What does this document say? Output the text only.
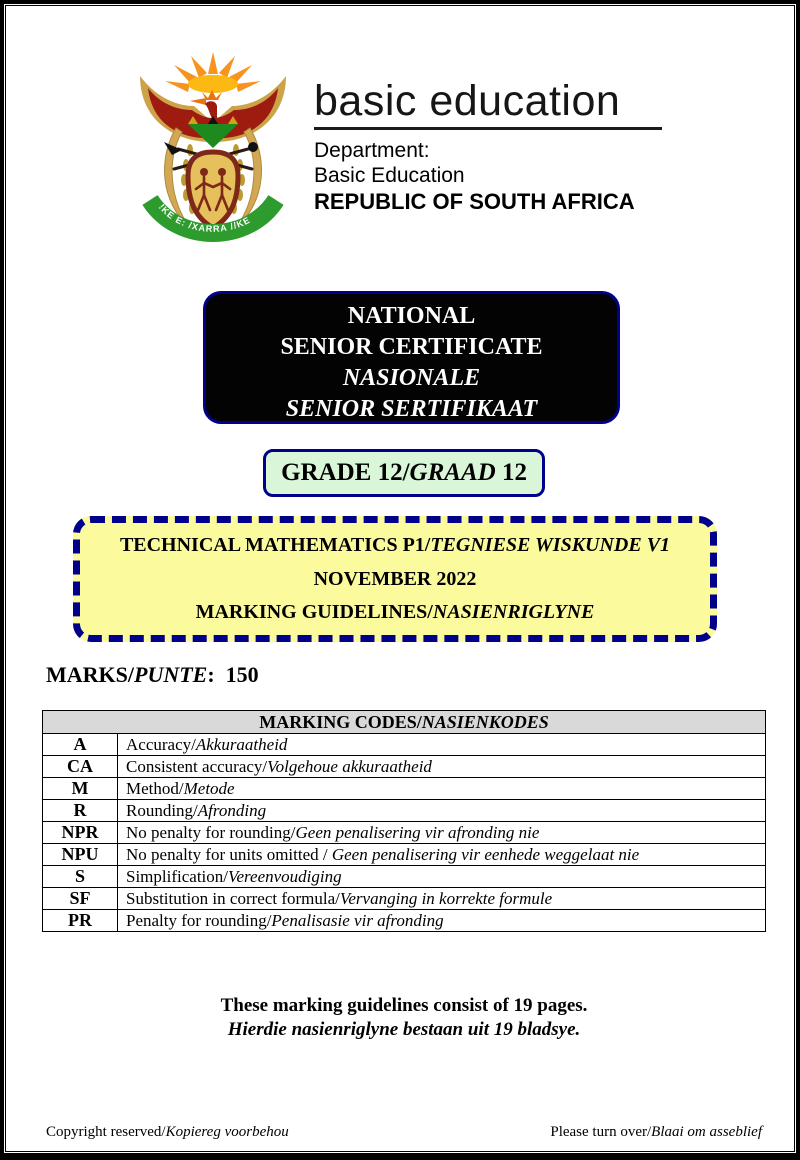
!KE E: /XARRA //KE
basic education
Department:
Basic Education
REPUBLIC OF SOUTH AFRICA
NATIONAL
SENIOR CERTIFICATE
NASIONALE
SENIOR SERTIFIKAAT
GRADE 12/ GRAAD 12
TECHNICAL MATHEMATICS P1/TEGNIESE WISKUNDE V1
NOVEMBER 2022
MARKING GUIDELINES/NASIENRIGLYNE
MARKS/PUNTE:  150
MARKING CODES/NASIENKODES	
A	Accuracy/Akkuraatheid
CA	Consistent accuracy/Volgehoue akkuraatheid
M	Method/Metode
R	Rounding/Afronding
NPR	No penalty for rounding/Geen penalisering vir afronding nie
NPU	No penalty for units omitted / Geen penalisering vir eenhede weggelaat nie
S	Simplification/Vereenvoudiging
SF	Substitution in correct formula/Vervanging in korrekte formule
PR	Penalty for rounding/Penalisasie vir afronding
These marking guidelines consist of 19 pages.
Hierdie nasienriglyne bestaan uit 19 bladsye.
Copyright reserved/Kopiereg voorbehou	Please turn over/Blaai om asseblief
